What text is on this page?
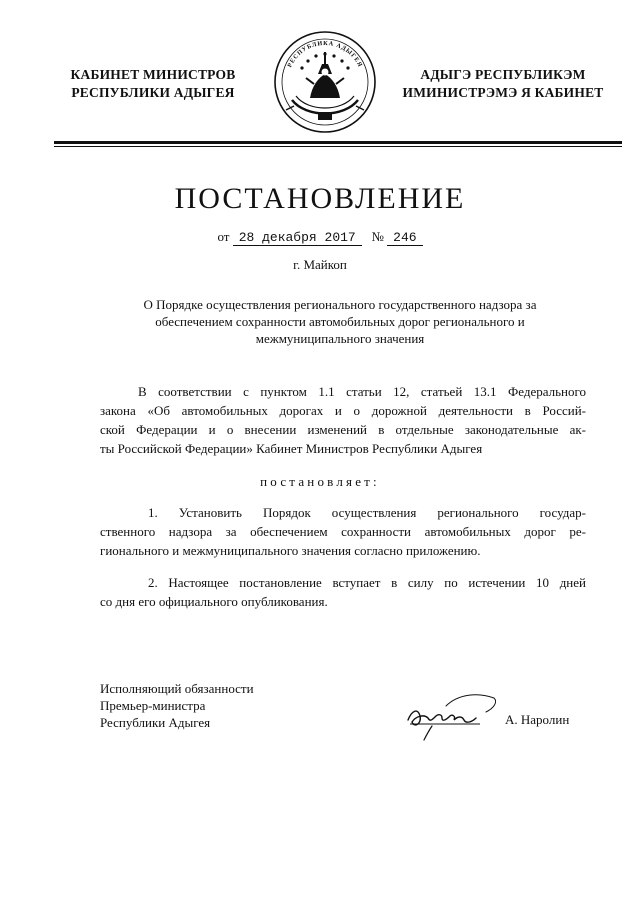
КАБИНЕТ МИНИСТРОВ
РЕСПУБЛИКИ АДЫГЕЯ
РЕСПУБЛИКА АДЫГЕЯ
АДЫГЭ РЕСПУБЛИКЭМ
ИМИНИСТРЭМЭ Я КАБИНЕТ
ПОСТАНОВЛЕНИЕ
от 28 декабря 2017 № 246
г. Майкоп
О Порядке осуществления регионального государственного надзора за
обеспечением сохранности автомобильных дорог регионального и
межмуниципального значения
В соответствии с пунктом 1.1 статьи 12, статьей 13.1 Федерального
закона «Об автомобильных дорогах и о дорожной деятельности в Россий-
ской Федерации и о внесении изменений в отдельные законодательные ак-
ты Российской Федерации» Кабинет Министров Республики Адыгея
постановляет:
1. Установить Порядок осуществления регионального государ-
ственного надзора за обеспечением сохранности автомобильных дорог ре-
гионального и межмуниципального значения согласно приложению.
2. Настоящее постановление вступает в силу по истечении 10 дней
со дня его официального опубликования.
Исполняющий обязанности
Премьер-министра
Республики Адыгея	А. Наролин
